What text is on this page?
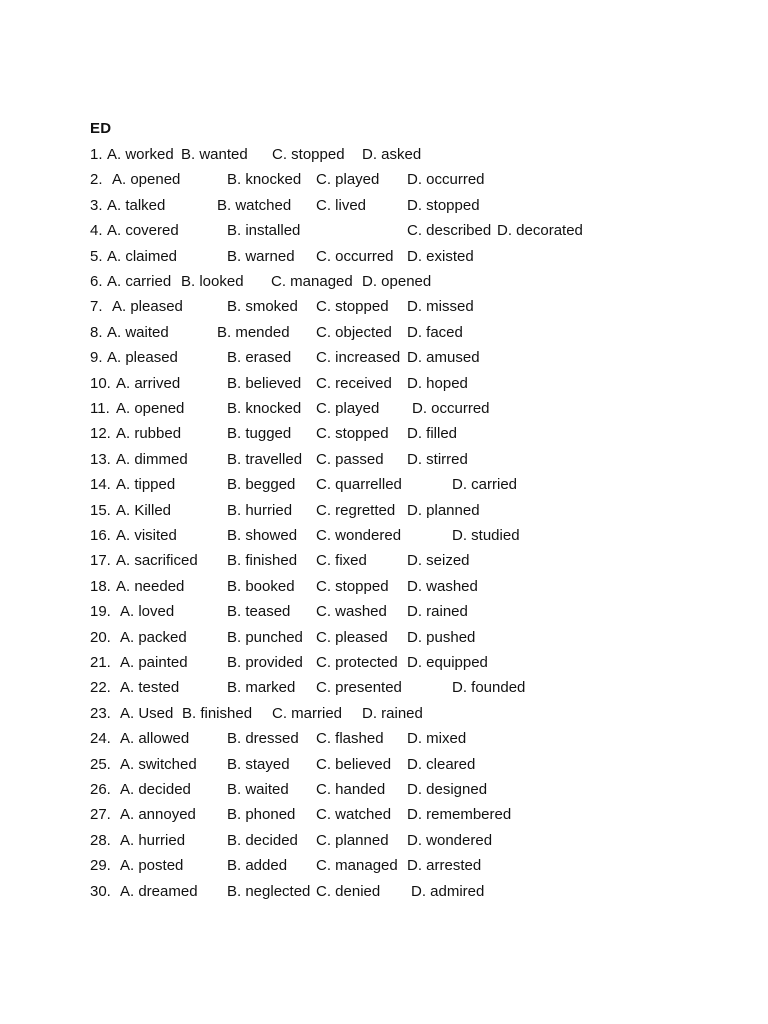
ED
1. A. worked B. wanted C. stopped D. asked
2. A. opened	B. knocked C. played D. occurred
3. A. talked	B. watched C. lived	D. stopped
4. A. covered	B. installed	C. described D. decorated
5. A. claimed	B. warned C. occurred D. existed
6. A. carried B. looked C. managed D. opened
7. A. pleased	B. smoked C. stopped D. missed
8. A. waited	B. mended C. objected D. faced
9. A. pleased	B. erased C. increased D. amused
10. A. arrived	B. believed C. received D. hoped
11. A. opened	B. knocked C. played D. occurred
12. A. rubbed	B. tugged C. stopped D. filled
13. A. dimmed	B. travelled C. passed D. stirred
14. A. tipped	B. begged C. quarrelled	D. carried
15. A. Killed	B. hurried C. regretted D. planned
16. A. visited	B. showed C. wondered	D. studied
17. A. sacrificed B. finished C. fixed	D. seized
18. A. needed	B. booked C. stopped D. washed
19. A. loved	B. teased C. washed D. rained
20. A. packed	B. punched C. pleased D. pushed
21. A. painted	B. provided C. protected D. equipped
22. A. tested	B. marked C. presented	D. founded
23. A. Used B. finished C. married D. rained
24. A. allowed	B. dressed C. flashed D. mixed
25. A. switched B. stayed C. believed D. cleared
26. A. decided B. waited C. handed D. designed
27. A. annoyed B. phoned C. watched D. remembered
28. A. hurried	B. decided C. planned D. wondered
29. A. posted	B. added C. managed D. arrested
30. A. dreamed B. neglected C. denied D. admired
